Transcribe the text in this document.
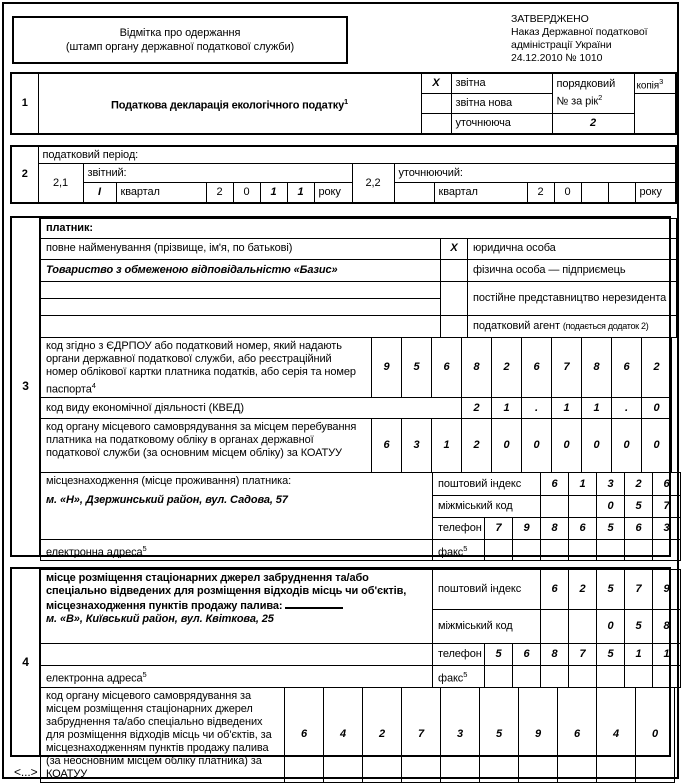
Відмітка про одержання
(штамп органу державної податкової служби)
ЗАТВЕРДЖЕНО
Наказ Державної податкової
адміністрації України
24.12.2010 № 1010
1	Податкова декларація екологічного податку$^1$	X	звітна	порядковий
№ за рік$^2$	копія$^3$
			звітна нова		
			уточнююча	2	
2	податковий період:															
	2,1	звітний:							2,2	уточнюючий:						
		I	квартал	2	0	1	1	року			квартал	2	0			року
3
платник:		
повне найменування (прізвище, ім'я, по батькові)	X	юридична особа
Товариство з обмеженою відповідальністю «Базис»		фізична особа — підприємець
		постійне представництво нерезидента

		податковий агент (подається додаток 2)
код згідно з ЄДРПОУ або податковий номер, який надають органи державної податкової служби, або реєстраційний номер облікової картки платника податків, або серія та номер паспорта$^4$	9	5	6	8	2	6	7	8	6	2
код виду економічної діяльності (КВЕД)				2	1	.	1	1	.	0
код органу місцевого самоврядування за місцем перебування платника на податковому обліку в органах державної податкової служби (за основним місцем обліку) за КОАТУУ	6	3	1	2	0	0	0	0	0	0
місцезнаходження (місце проживання) платника:
м. «Н», Дзержинський район, вул. Садова, 57	поштовий індекс			6	1	3	2	6
	міжміський код					0	5	7
	телефон	7	9	8	6	5	6	3
електронна адреса$^5$	факс$^5$							
4
місце розміщення стаціонарних джерел забруднення та/або спеціально відведених для розміщення відходів місць чи об'єктів, місцезнаходження пунктів продажу палива:
м. «В», Київський район, вул. Квіткова, 25	поштовий індекс			6	2	5	7	9
	міжміський код					0	5	8
	телефон	5	6	8	7	5	1	1
електронна адреса$^5$	факс$^5$							
код органу місцевого самоврядування за місцем розміщення стаціонарних джерел забруднення та/або спеціально відведених для розміщення відходів місць чи об'єктів, за місцезнаходженням пунктів продажу палива (за неосновним місцем обліку платника) за КОАТУУ	6	4	2	7	3	5	9	6	4	0
<...>
